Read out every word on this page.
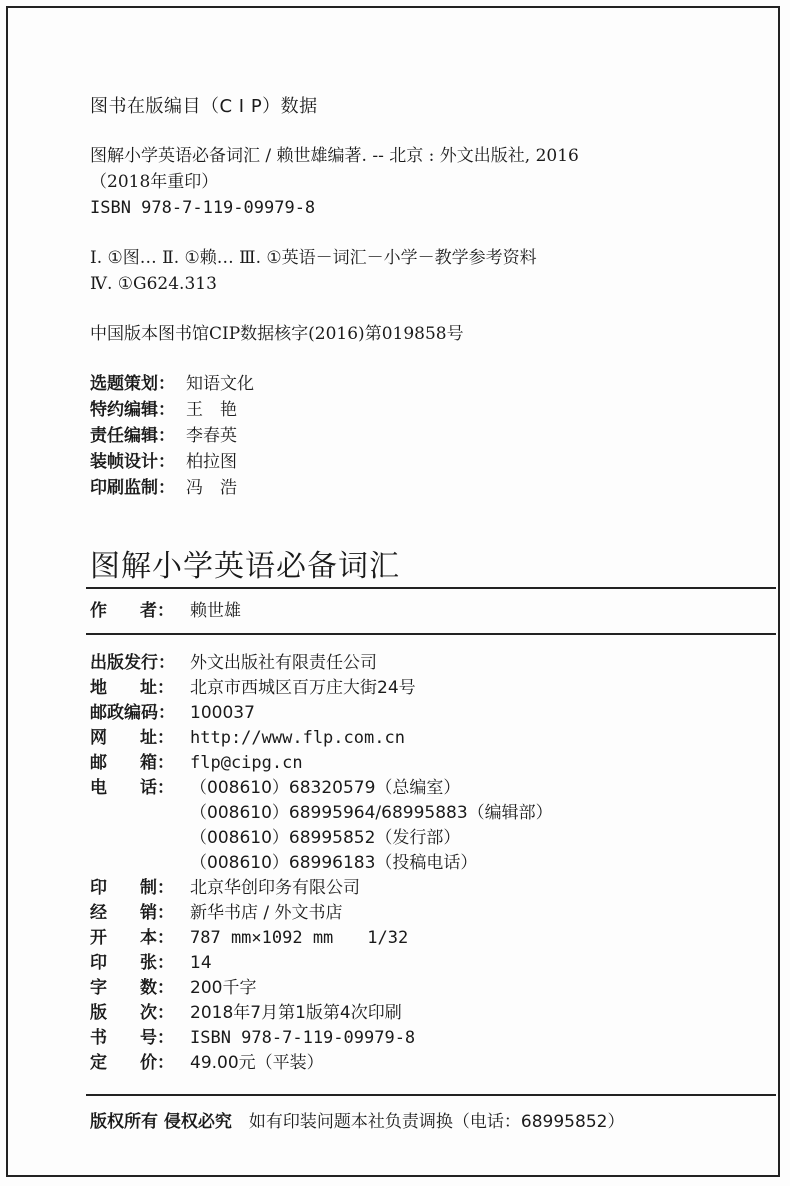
图书在版编目（C I P）数据
图解小学英语必备词汇 / 赖世雄编著. -- 北京 : 外文出版社, 2016
（2018年重印）
ISBN 978-7-119-09979-8
Ⅰ. ①图… Ⅱ. ①赖… Ⅲ. ①英语－词汇－小学－教学参考资料
Ⅳ. ①G624.313
中国版本图书馆CIP数据核字(2016)第019858号
选题策划： 知语文化
特约编辑： 王　艳
责任编辑： 李春英
装帧设计： 柏拉图
印刷监制： 冯　浩
图解小学英语必备词汇
作 者： 赖世雄
出版发行： 外文出版社有限责任公司
地 址： 北京市西城区百万庄大街24号
邮政编码： 100037
网 址： http://www.flp.com.cn
邮 箱： flp@cipg.cn
电 话： （008610）68320579（总编室）
（008610）68995964/68995883（编辑部）
（008610）68995852（发行部）
（008610）68996183（投稿电话）
印 制： 北京华创印务有限公司
经 销： 新华书店 / 外文书店
开 本： 787 mm×1092 mm　　1/32
印 张： 14
字 数： 200千字
版 次： 2018年7月第1版第4次印刷
书 号： ISBN 978-7-119-09979-8
定 价： 49.00元（平装）
版权所有 侵权必究　 如有印装问题本社负责调换（电话：68995852）
